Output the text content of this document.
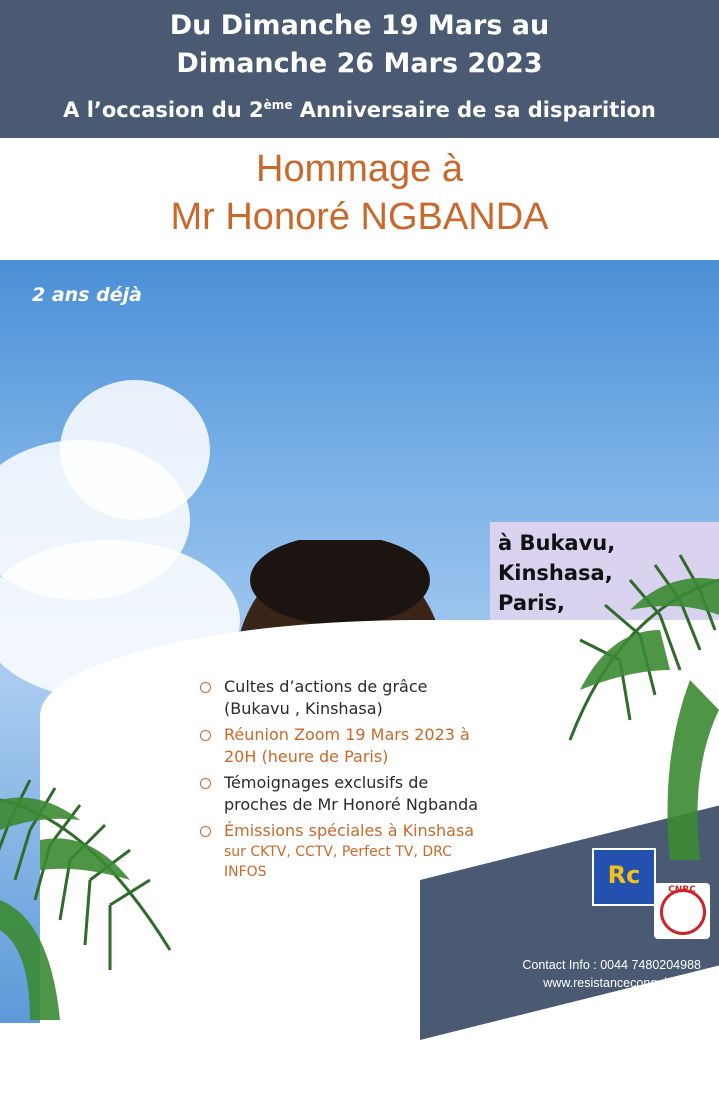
Du Dimanche 19 Mars au
Dimanche 26 Mars 2023
A l’occasion du 2ème Anniversaire de sa disparition
Hommage à
Mr Honoré NGBANDA
2 ans déjà
à Bukavu,
Kinshasa,
Paris,
Cultes d’actions de grâce
(Bukavu , Kinshasa)
Réunion Zoom 19 Mars 2023 à
20H (heure de Paris)
Témoignages exclusifs de
proches de Mr Honoré Ngbanda
Émissions spéciales à Kinshasa
sur CKTV, CCTV, Perfect TV, DRC
INFOS	Rc
CNRC
Contact Info : 0044 7480204988
www.resistancecongolaise.fr
